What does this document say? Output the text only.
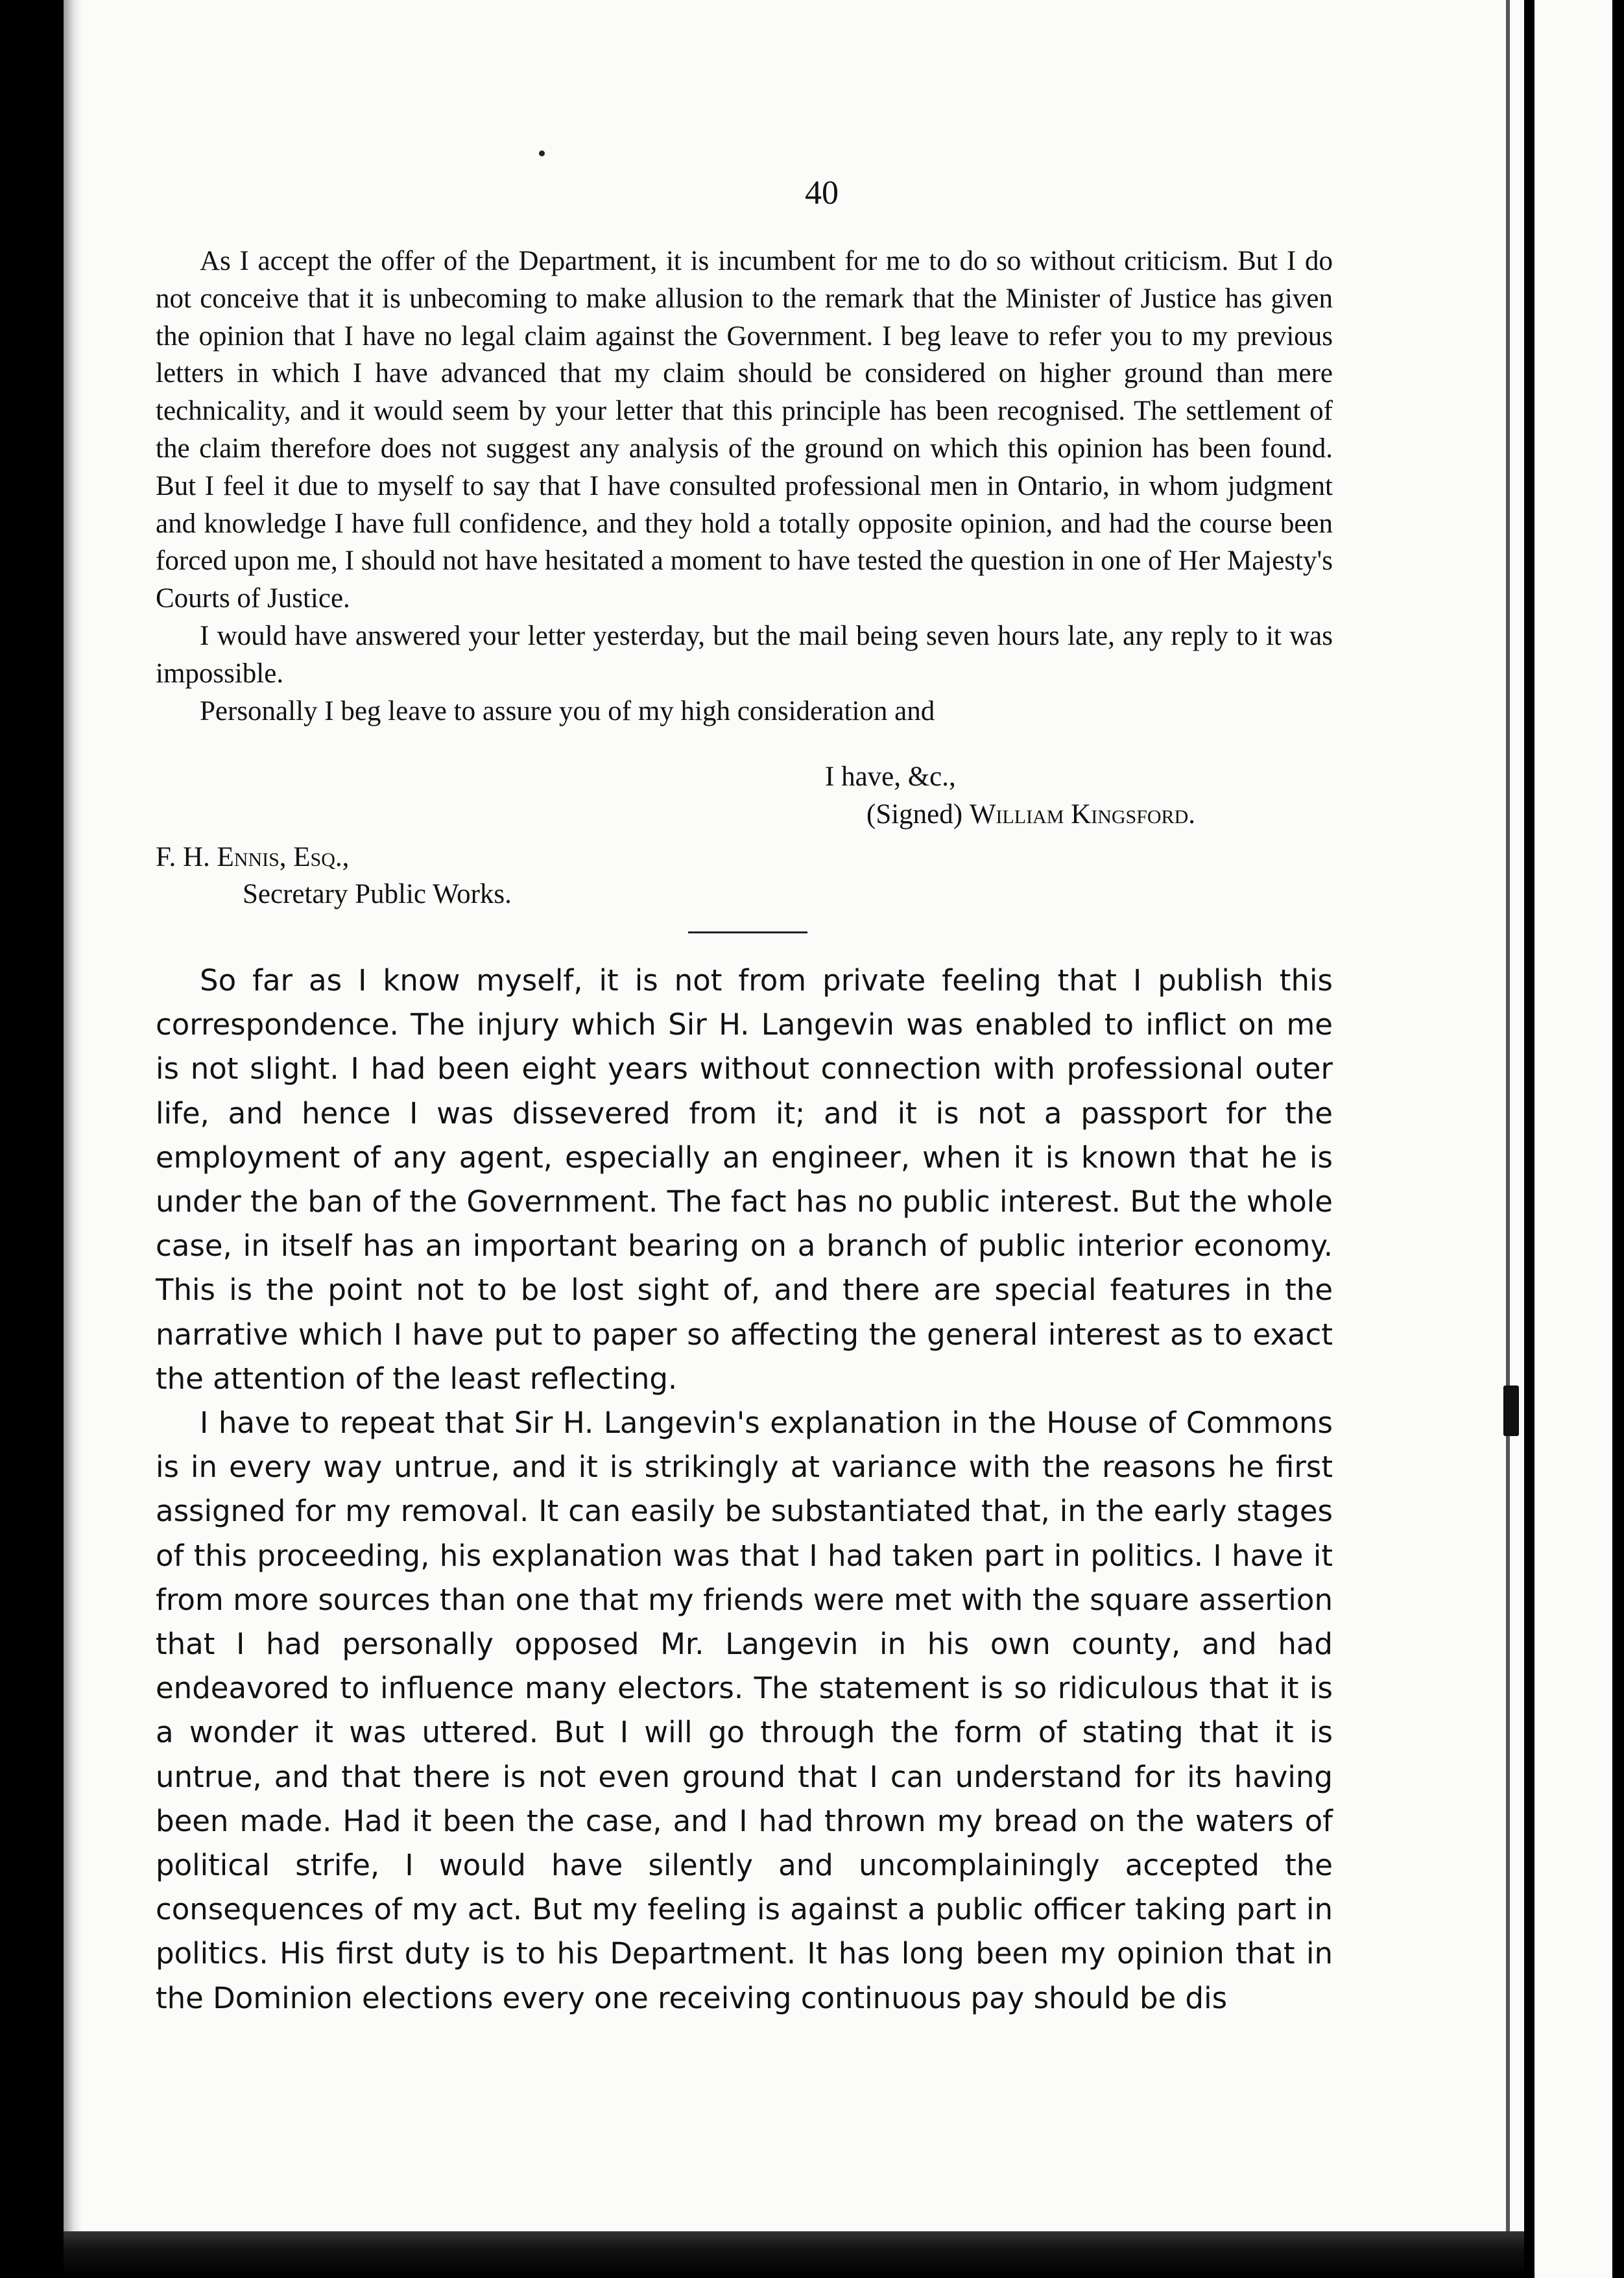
40

As I accept the offer of the Department, it is incumbent for me to do so without criticism. But I do not conceive that it is unbecoming to make allusion to the remark that the Minister of Justice has given the opinion that I have no legal claim against the Government. I beg leave to refer you to my previous letters in which I have advanced that my claim should be considered on higher ground than mere technicality, and it would seem by your letter that this principle has been recognised. The settlement of the claim therefore does not suggest any analysis of the ground on which this opinion has been found. But I feel it due to myself to say that I have consulted professional men in Ontario, in whom judgment and knowledge I have full confidence, and they hold a totally opposite opinion, and had the course been forced upon me, I should not have hesitated a moment to have tested the question in one of Her Majesty's Courts of Justice.

I would have answered your letter yesterday, but the mail being seven hours late, any reply to it was impossible.

Personally I beg leave to assure you of my high consideration and

I have, &c.,
(Signed) William Kingsford.
F. H. Ennis, Esq.,
Secretary Public Works.

So far as I know myself, it is not from private feeling that I publish this correspondence. The injury which Sir H. Langevin was enabled to inflict on me is not slight. I had been eight years without connection with professional outer life, and hence I was dissevered from it; and it is not a passport for the employment of any agent, especially an engineer, when it is known that he is under the ban of the Government. The fact has no public interest. But the whole case, in itself has an important bearing on a branch of public interior economy. This is the point not to be lost sight of, and there are special features in the narrative which I have put to paper so affecting the general interest as to exact the attention of the least reflecting.

I have to repeat that Sir H. Langevin's explanation in the House of Commons is in every way untrue, and it is strikingly at variance with the reasons he first assigned for my removal. It can easily be substantiated that, in the early stages of this proceeding, his explanation was that I had taken part in politics. I have it from more sources than one that my friends were met with the square assertion that I had personally opposed Mr. Langevin in his own county, and had endeavored to influence many electors. The statement is so ridiculous that it is a wonder it was uttered. But I will go through the form of stating that it is untrue, and that there is not even ground that I can understand for its having been made. Had it been the case, and I had thrown my bread on the waters of political strife, I would have silently and uncomplainingly accepted the consequences of my act. But my feeling is against a public officer taking part in politics. His first duty is to his Department. It has long been my opinion that in the Dominion elections every one receiving continuous pay should be dis
